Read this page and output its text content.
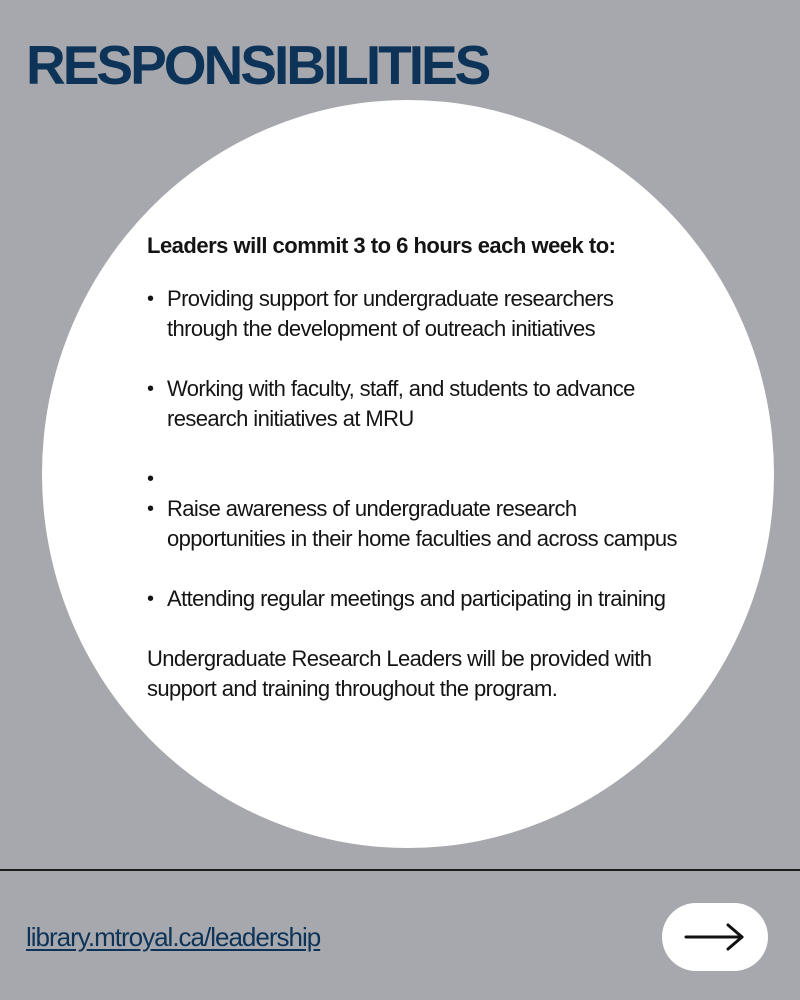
RESPONSIBILITIES

Leaders will commit 3 to 6 hours each week to:

• Providing support for undergraduate researchers through the development of outreach initiatives
• Working with faculty, staff, and students to advance research initiatives at MRU
•
• Raise awareness of undergraduate research opportunities in their home faculties and across campus
• Attending regular meetings and participating in training

Undergraduate Research Leaders will be provided with support and training throughout the program.

library.mtroyal.ca/leadership
